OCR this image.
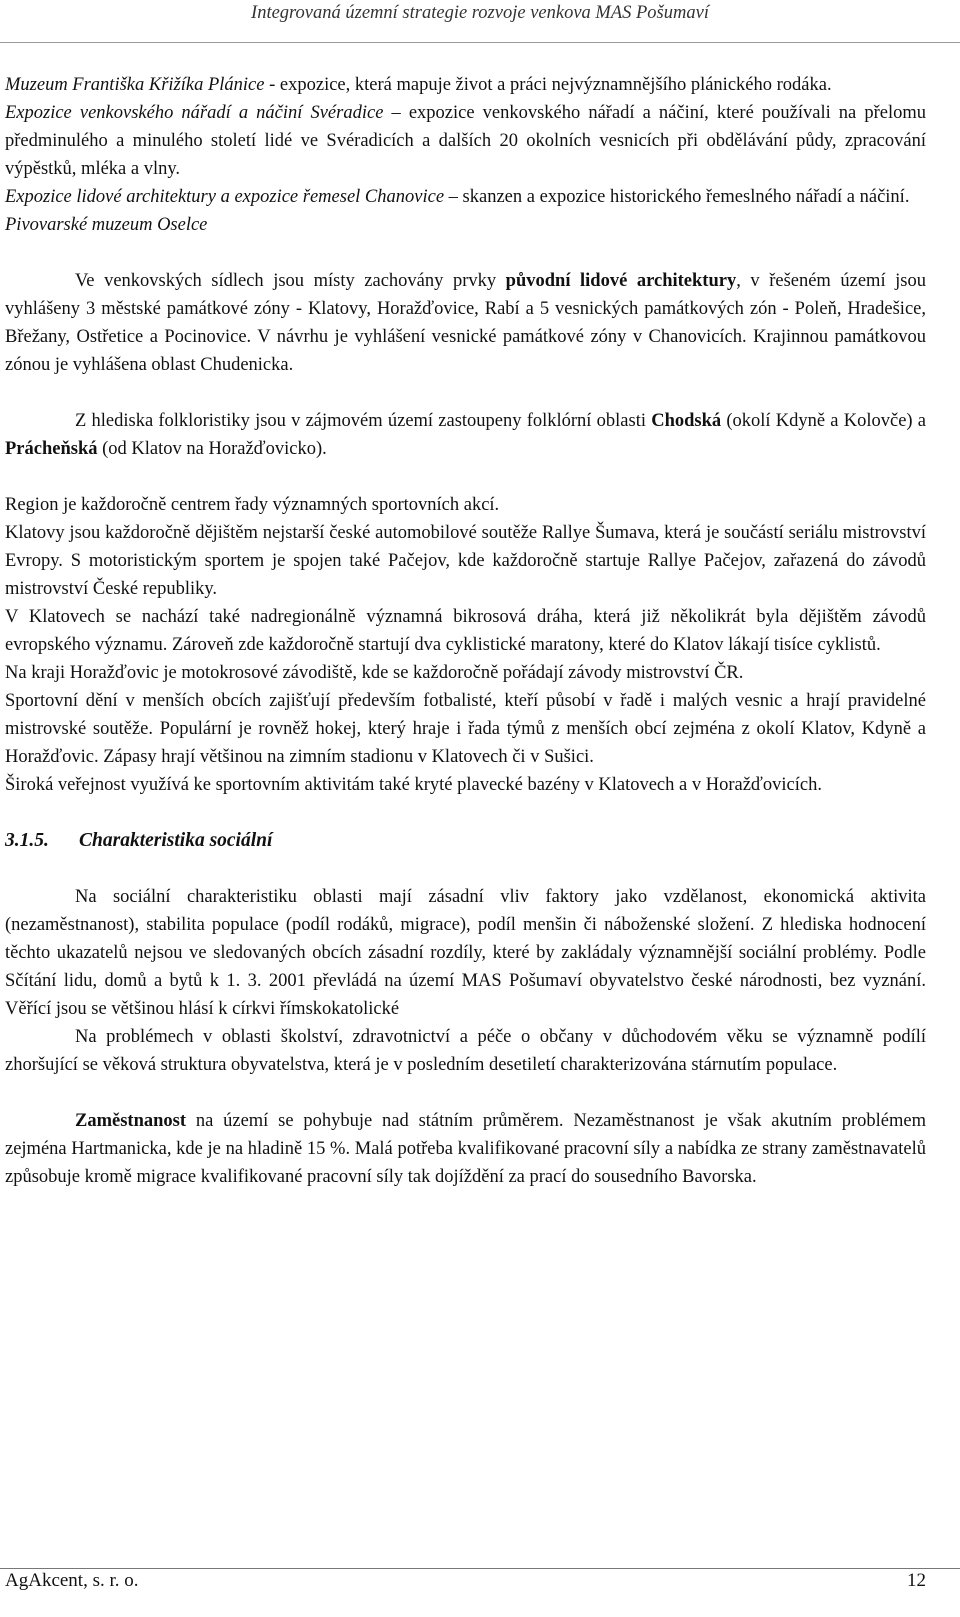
Integrovaná územní strategie rozvoje venkova MAS Pošumaví

Muzeum Františka Křižíka Plánice - expozice, která mapuje život a práci nejvýznamnějšího plánického rodáka.

Expozice venkovského nářadí a náčiní Svéradice – expozice venkovského nářadí a náčiní, které používali na přelomu předminulého a minulého století lidé ve Svéradicích a dalších 20 okolních vesnicích při obdělávání půdy, zpracování výpěstků, mléka a vlny.

Expozice lidové architektury a expozice řemesel Chanovice – skanzen a expozice historického řemeslného nářadí a náčiní.

Pivovarské muzeum Oselce

Ve venkovských sídlech jsou místy zachovány prvky původní lidové architektury, v řešeném území jsou vyhlášeny 3 městské památkové zóny - Klatovy, Horažďovice, Rabí a 5 vesnických památkových zón - Poleň, Hradešice, Břežany, Ostřetice a Pocinovice. V návrhu je vyhlášení vesnické památkové zóny v Chanovicích. Krajinnou památkovou zónou je vyhlášena oblast Chudenicka.

Z hlediska folkloristiky jsou v zájmovém území zastoupeny folklórní oblasti Chodská (okolí Kdyně a Kolovče) a Prácheňská (od Klatov na Horažďovicko).

Region je každoročně centrem řady významných sportovních akcí.

Klatovy jsou každoročně dějištěm nejstarší české automobilové soutěže Rallye Šumava, která je součástí seriálu mistrovství Evropy. S motoristickým sportem je spojen také Pačejov, kde každoročně startuje Rallye Pačejov, zařazená do závodů mistrovství České republiky.

V Klatovech se nachází také nadregionálně významná bikrosová dráha, která již několikrát byla dějištěm závodů evropského významu. Zároveň zde každoročně startují dva cyklistické maratony, které do Klatov lákají tisíce cyklistů.

Na kraji Horažďovic je motokrosové závodiště, kde se každoročně pořádají závody mistrovství ČR.

Sportovní dění v menších obcích zajišťují především fotbalisté, kteří působí v řadě i malých vesnic a hrají pravidelné mistrovské soutěže. Populární je rovněž hokej, který hraje i řada týmů z menších obcí zejména z okolí Klatov, Kdyně a Horažďovic. Zápasy hrají většinou na zimním stadionu v Klatovech či v Sušici.

Široká veřejnost využívá ke sportovním aktivitám také kryté plavecké bazény v Klatovech a v Horažďovicích.

3.1.5. Charakteristika sociální

Na sociální charakteristiku oblasti mají zásadní vliv faktory jako vzdělanost, ekonomická aktivita (nezaměstnanost), stabilita populace (podíl rodáků, migrace), podíl menšin či náboženské složení. Z hlediska hodnocení těchto ukazatelů nejsou ve sledovaných obcích zásadní rozdíly, které by zakládaly významnější sociální problémy. Podle Sčítání lidu, domů a bytů k 1. 3. 2001 převládá na území MAS Pošumaví obyvatelstvo české národnosti, bez vyznání. Věřící jsou se většinou hlásí k církvi římskokatolické

Na problémech v oblasti školství, zdravotnictví a péče o občany v důchodovém věku se významně podílí zhoršující se věková struktura obyvatelstva, která je v posledním desetiletí charakterizována stárnutím populace.

Zaměstnanost na území se pohybuje nad státním průměrem. Nezaměstnanost je však akutním problémem zejména Hartmanicka, kde je na hladině 15 %. Malá potřeba kvalifikované pracovní síly a nabídka ze strany zaměstnavatelů způsobuje kromě migrace kvalifikované pracovní síly tak dojíždění za prací do sousedního Bavorska.

AgAkcent, s. r. o.	12
